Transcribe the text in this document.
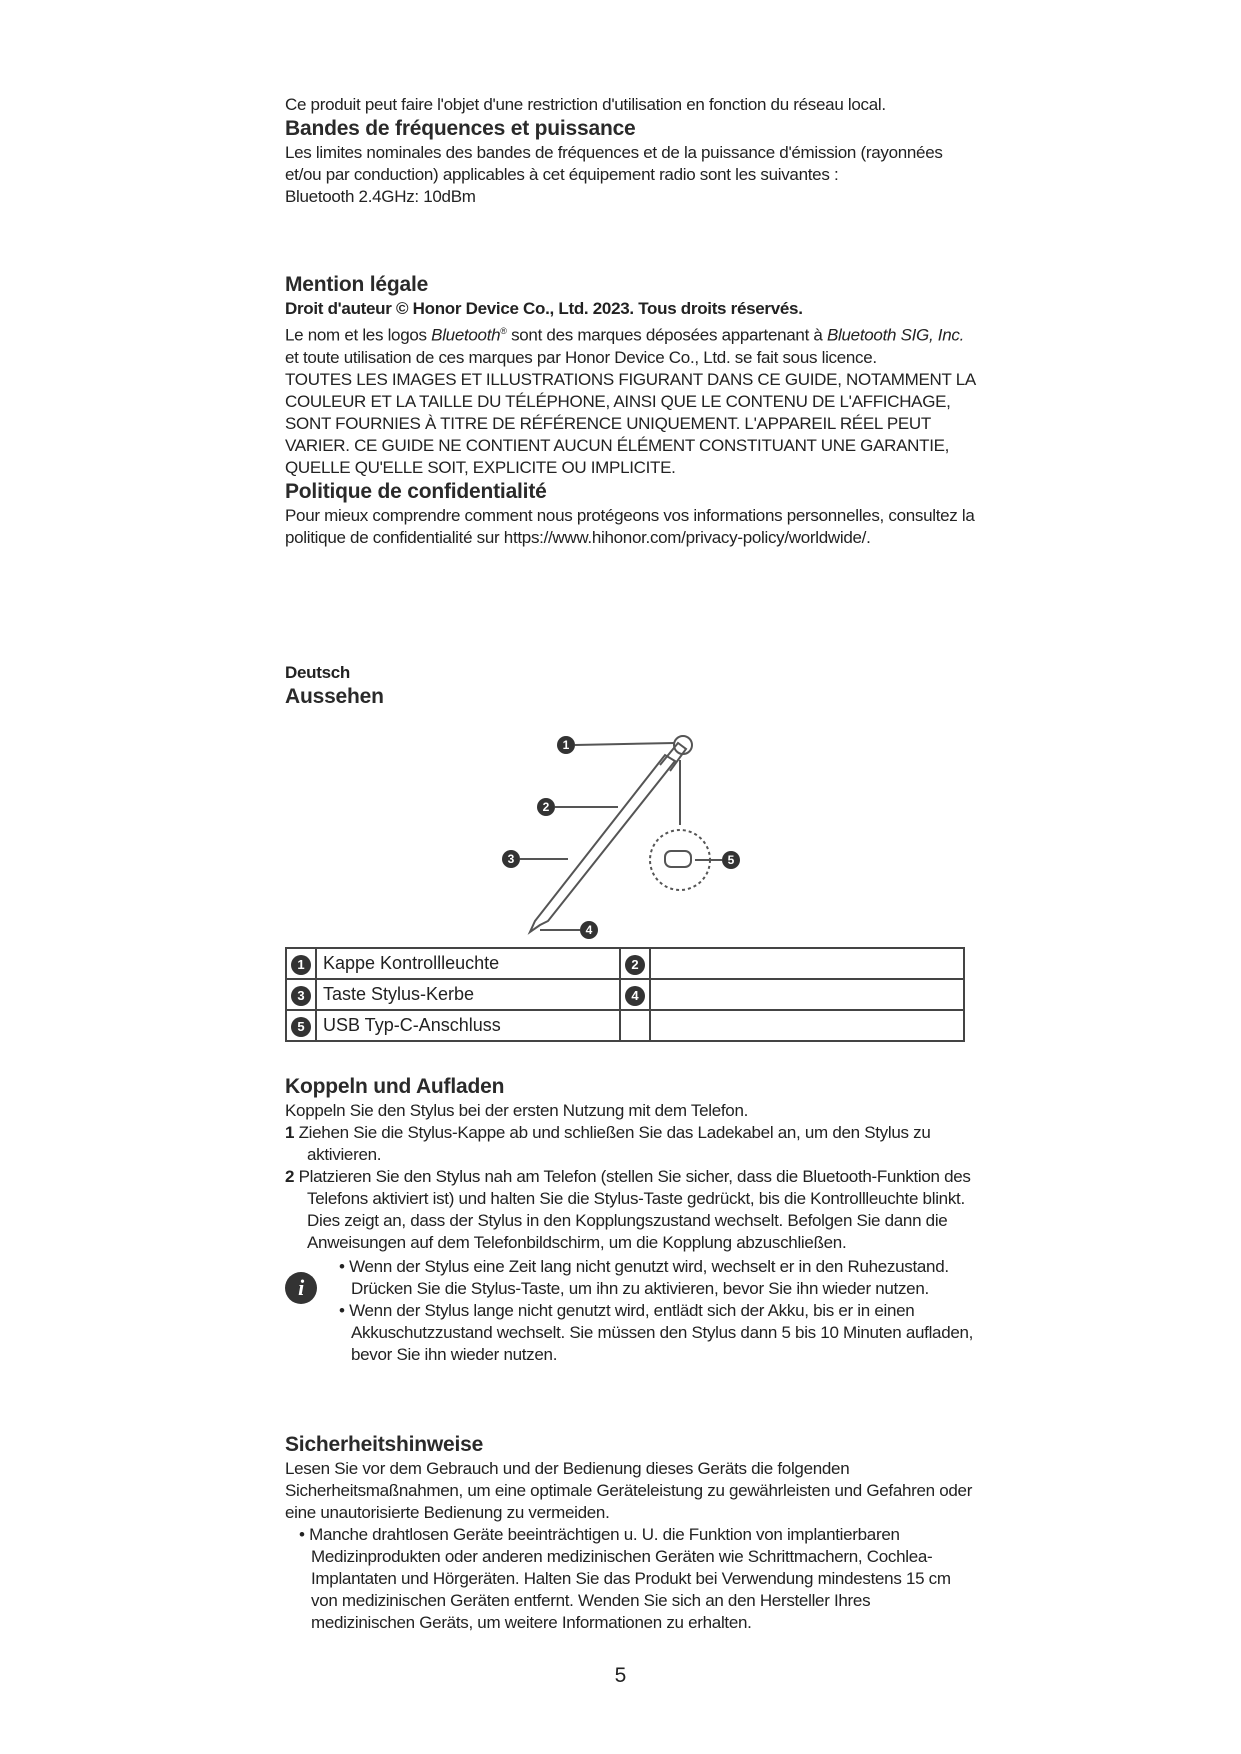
Ce produit peut faire l'objet d'une restriction d'utilisation en fonction du réseau local.

Bandes de fréquences et puissance

Les limites nominales des bandes de fréquences et de la puissance d'émission (rayonnées et/ou par conduction) applicables à cet équipement radio sont les suivantes :

Bluetooth 2.4GHz: 10dBm

Mention légale

Droit d'auteur © Honor Device Co., Ltd. 2023. Tous droits réservés.

Le nom et les logos Bluetooth® sont des marques déposées appartenant à Bluetooth SIG, Inc. et toute utilisation de ces marques par Honor Device Co., Ltd. se fait sous licence.

TOUTES LES IMAGES ET ILLUSTRATIONS FIGURANT DANS CE GUIDE, NOTAMMENT LA COULEUR ET LA TAILLE DU TÉLÉPHONE, AINSI QUE LE CONTENU DE L'AFFICHAGE, SONT FOURNIES À TITRE DE RÉFÉRENCE UNIQUEMENT. L'APPAREIL RÉEL PEUT VARIER. CE GUIDE NE CONTIENT AUCUN ÉLÉMENT CONSTITUANT UNE GARANTIE, QUELLE QU'ELLE SOIT, EXPLICITE OU IMPLICITE.

Politique de confidentialité

Pour mieux comprendre comment nous protégeons vos informations personnelles, consultez la politique de confidentialité sur https://www.hihonor.com/privacy-policy/worldwide/.

Deutsch
Aussehen
1
2
3
4
5
1	Kappe Kontrollleuchte	2	
3	Taste Stylus-Kerbe	4	
5	USB Typ-C-Anschluss		
Koppeln und Aufladen

Koppeln Sie den Stylus bei der ersten Nutzung mit dem Telefon.

1 Ziehen Sie die Stylus-Kappe ab und schließen Sie das Ladekabel an, um den Stylus zu aktivieren.

2 Platzieren Sie den Stylus nah am Telefon (stellen Sie sicher, dass die Bluetooth-Funktion des Telefons aktiviert ist) und halten Sie die Stylus-Taste gedrückt, bis die Kontrollleuchte blinkt. Dies zeigt an, dass der Stylus in den Kopplungszustand wechselt. Befolgen Sie dann die Anweisungen auf dem Telefonbildschirm, um die Kopplung abzuschließen.

i
• Wenn der Stylus eine Zeit lang nicht genutzt wird, wechselt er in den Ruhezustand. Drücken Sie die Stylus-Taste, um ihn zu aktivieren, bevor Sie ihn wieder nutzen.
• Wenn der Stylus lange nicht genutzt wird, entlädt sich der Akku, bis er in einen Akkuschutzzustand wechselt. Sie müssen den Stylus dann 5 bis 10 Minuten aufladen, bevor Sie ihn wieder nutzen.
Sicherheitshinweise

Lesen Sie vor dem Gebrauch und der Bedienung dieses Geräts die folgenden Sicherheitsmaßnahmen, um eine optimale Geräteleistung zu gewährleisten und Gefahren oder eine unautorisierte Bedienung zu vermeiden.

• Manche drahtlosen Geräte beeinträchtigen u. U. die Funktion von implantierbaren Medizinprodukten oder anderen medizinischen Geräten wie Schrittmachern, Cochlea-Implantaten und Hörgeräten. Halten Sie das Produkt bei Verwendung mindestens 15 cm von medizinischen Geräten entfernt. Wenden Sie sich an den Hersteller Ihres medizinischen Geräts, um weitere Informationen zu erhalten.

5
